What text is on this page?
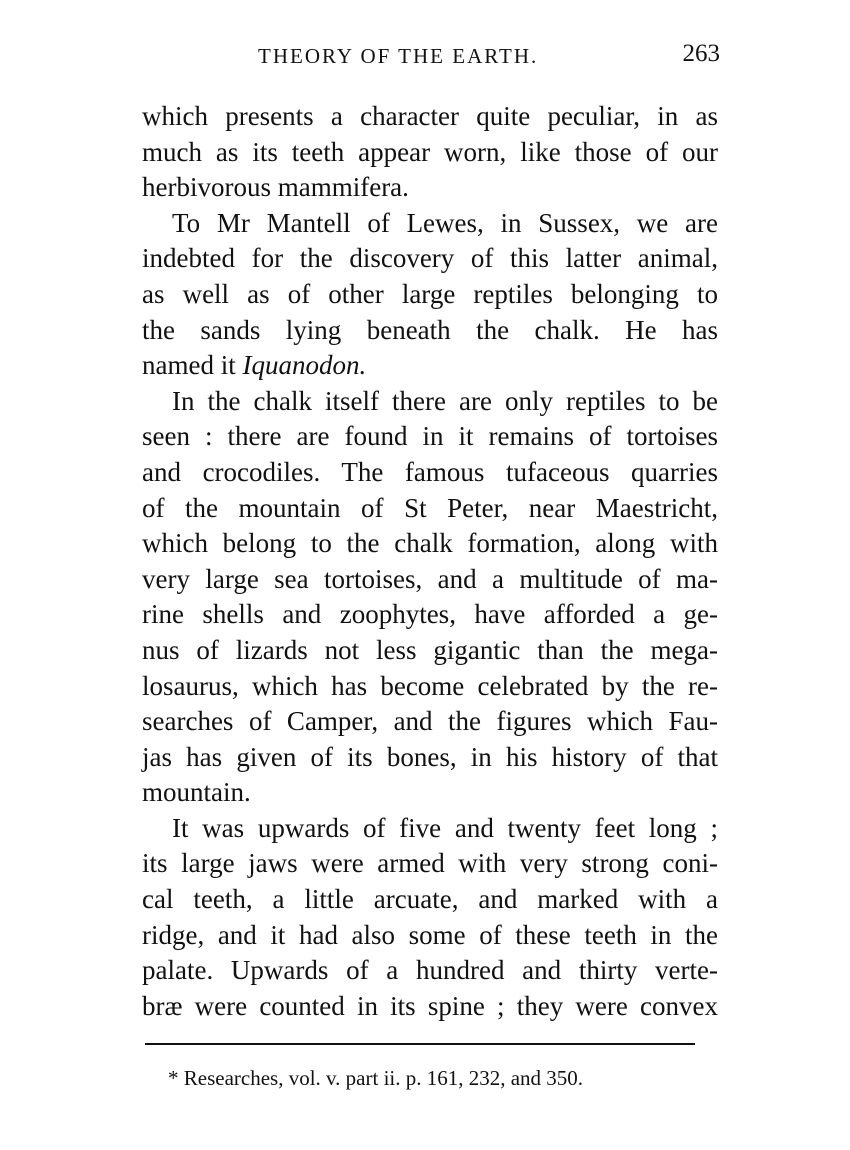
THEORY OF THE EARTH.	263
which presents a character quite peculiar, in as
much as its teeth appear worn, like those of our
herbivorous mammifera.
To Mr Mantell of Lewes, in Sussex, we are
indebted for the discovery of this latter animal,
as well as of other large reptiles belonging to
the sands lying beneath the chalk. He has
named it Iquanodon.
In the chalk itself there are only reptiles to be
seen : there are found in it remains of tortoises
and crocodiles. The famous tufaceous quarries
of the mountain of St Peter, near Maestricht,
which belong to the chalk formation, along with
very large sea tortoises, and a multitude of ma-
rine shells and zoophytes, have afforded a ge-
nus of lizards not less gigantic than the mega-
losaurus, which has become celebrated by the re-
searches of Camper, and the figures which Fau-
jas has given of its bones, in his history of that
mountain.
It was upwards of five and twenty feet long ;
its large jaws were armed with very strong coni-
cal teeth, a little arcuate, and marked with a
ridge, and it had also some of these teeth in the
palate. Upwards of a hundred and thirty verte-
bræ were counted in its spine ; they were convex
* Researches, vol. v. part ii. p. 161, 232, and 350.
